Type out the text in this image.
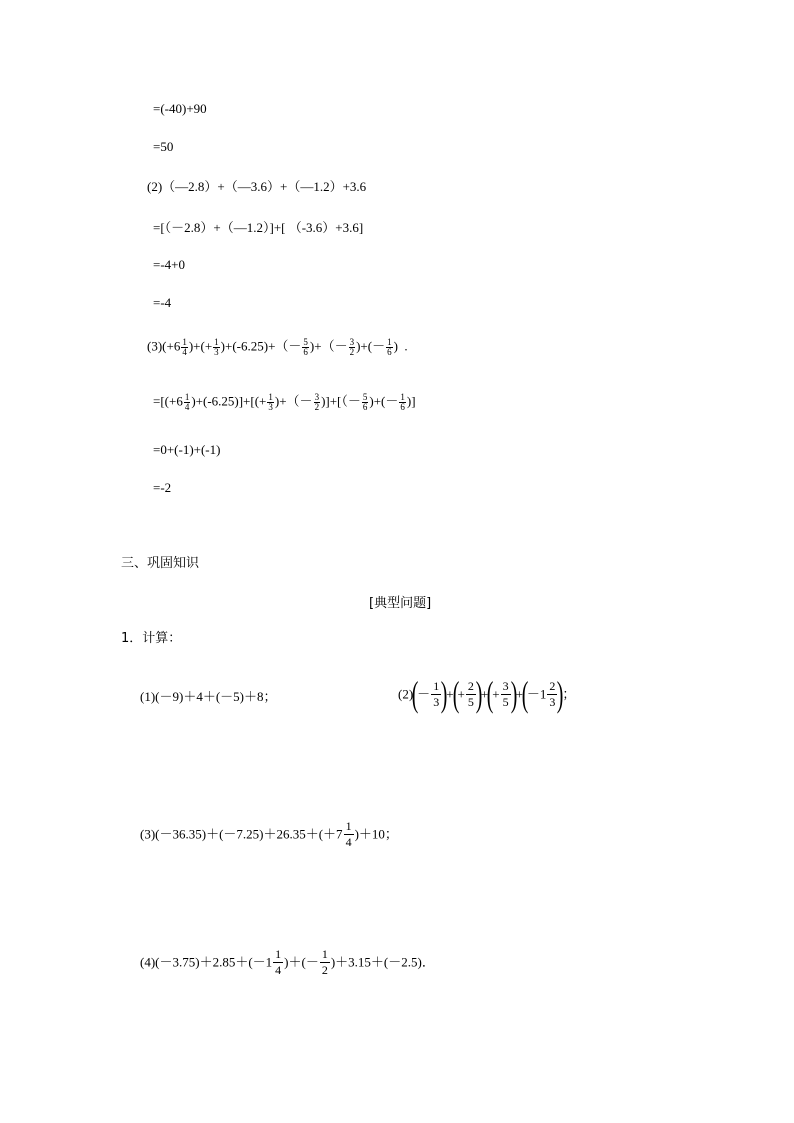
=(-40)+90
=50
(2)（—2.8）+（—3.6）+（—1.2）+3.6
=[（－2.8）+（—1.2）]+[ （-3.6）+3.6]
=-4+0
=-4
$(3)(+6 \frac{1}{4}$ )+(+ $\frac{1}{3} )+(-6.25)+(- \frac{5}{6}$ )+（－ $\frac{3}{2}$ )+(－ $\frac{1}{6}$ )  .
$=[(+6 \frac{1}{4} )+(-6.25)]+[(+ \frac{1}{3}$ )+（－ $\frac{3}{2}$ )]+[（－ $\frac{5}{6}$ )+(－ $\frac{1}{6}$ )]
=0+(-1)+(-1)
=-2
三、巩固知识
[典型问题]
1．计算：
(1)(－9)＋4＋(－5)＋8；	$(2)(- \frac{1}{3}$ )+(+ $\frac{2}{5}$ )+(+ $\frac{3}{5} )+(-1 \frac{2}{3}$ )；
$(3)(-36.35)+(-7.25)+26.35+(+7 \frac{1}{4} )+10$；
$(4)(-3.75)+2.85+(-1 \frac{1}{4}$ )＋(－ $\frac{1}{2} )+3.15+(-2.5)$．
